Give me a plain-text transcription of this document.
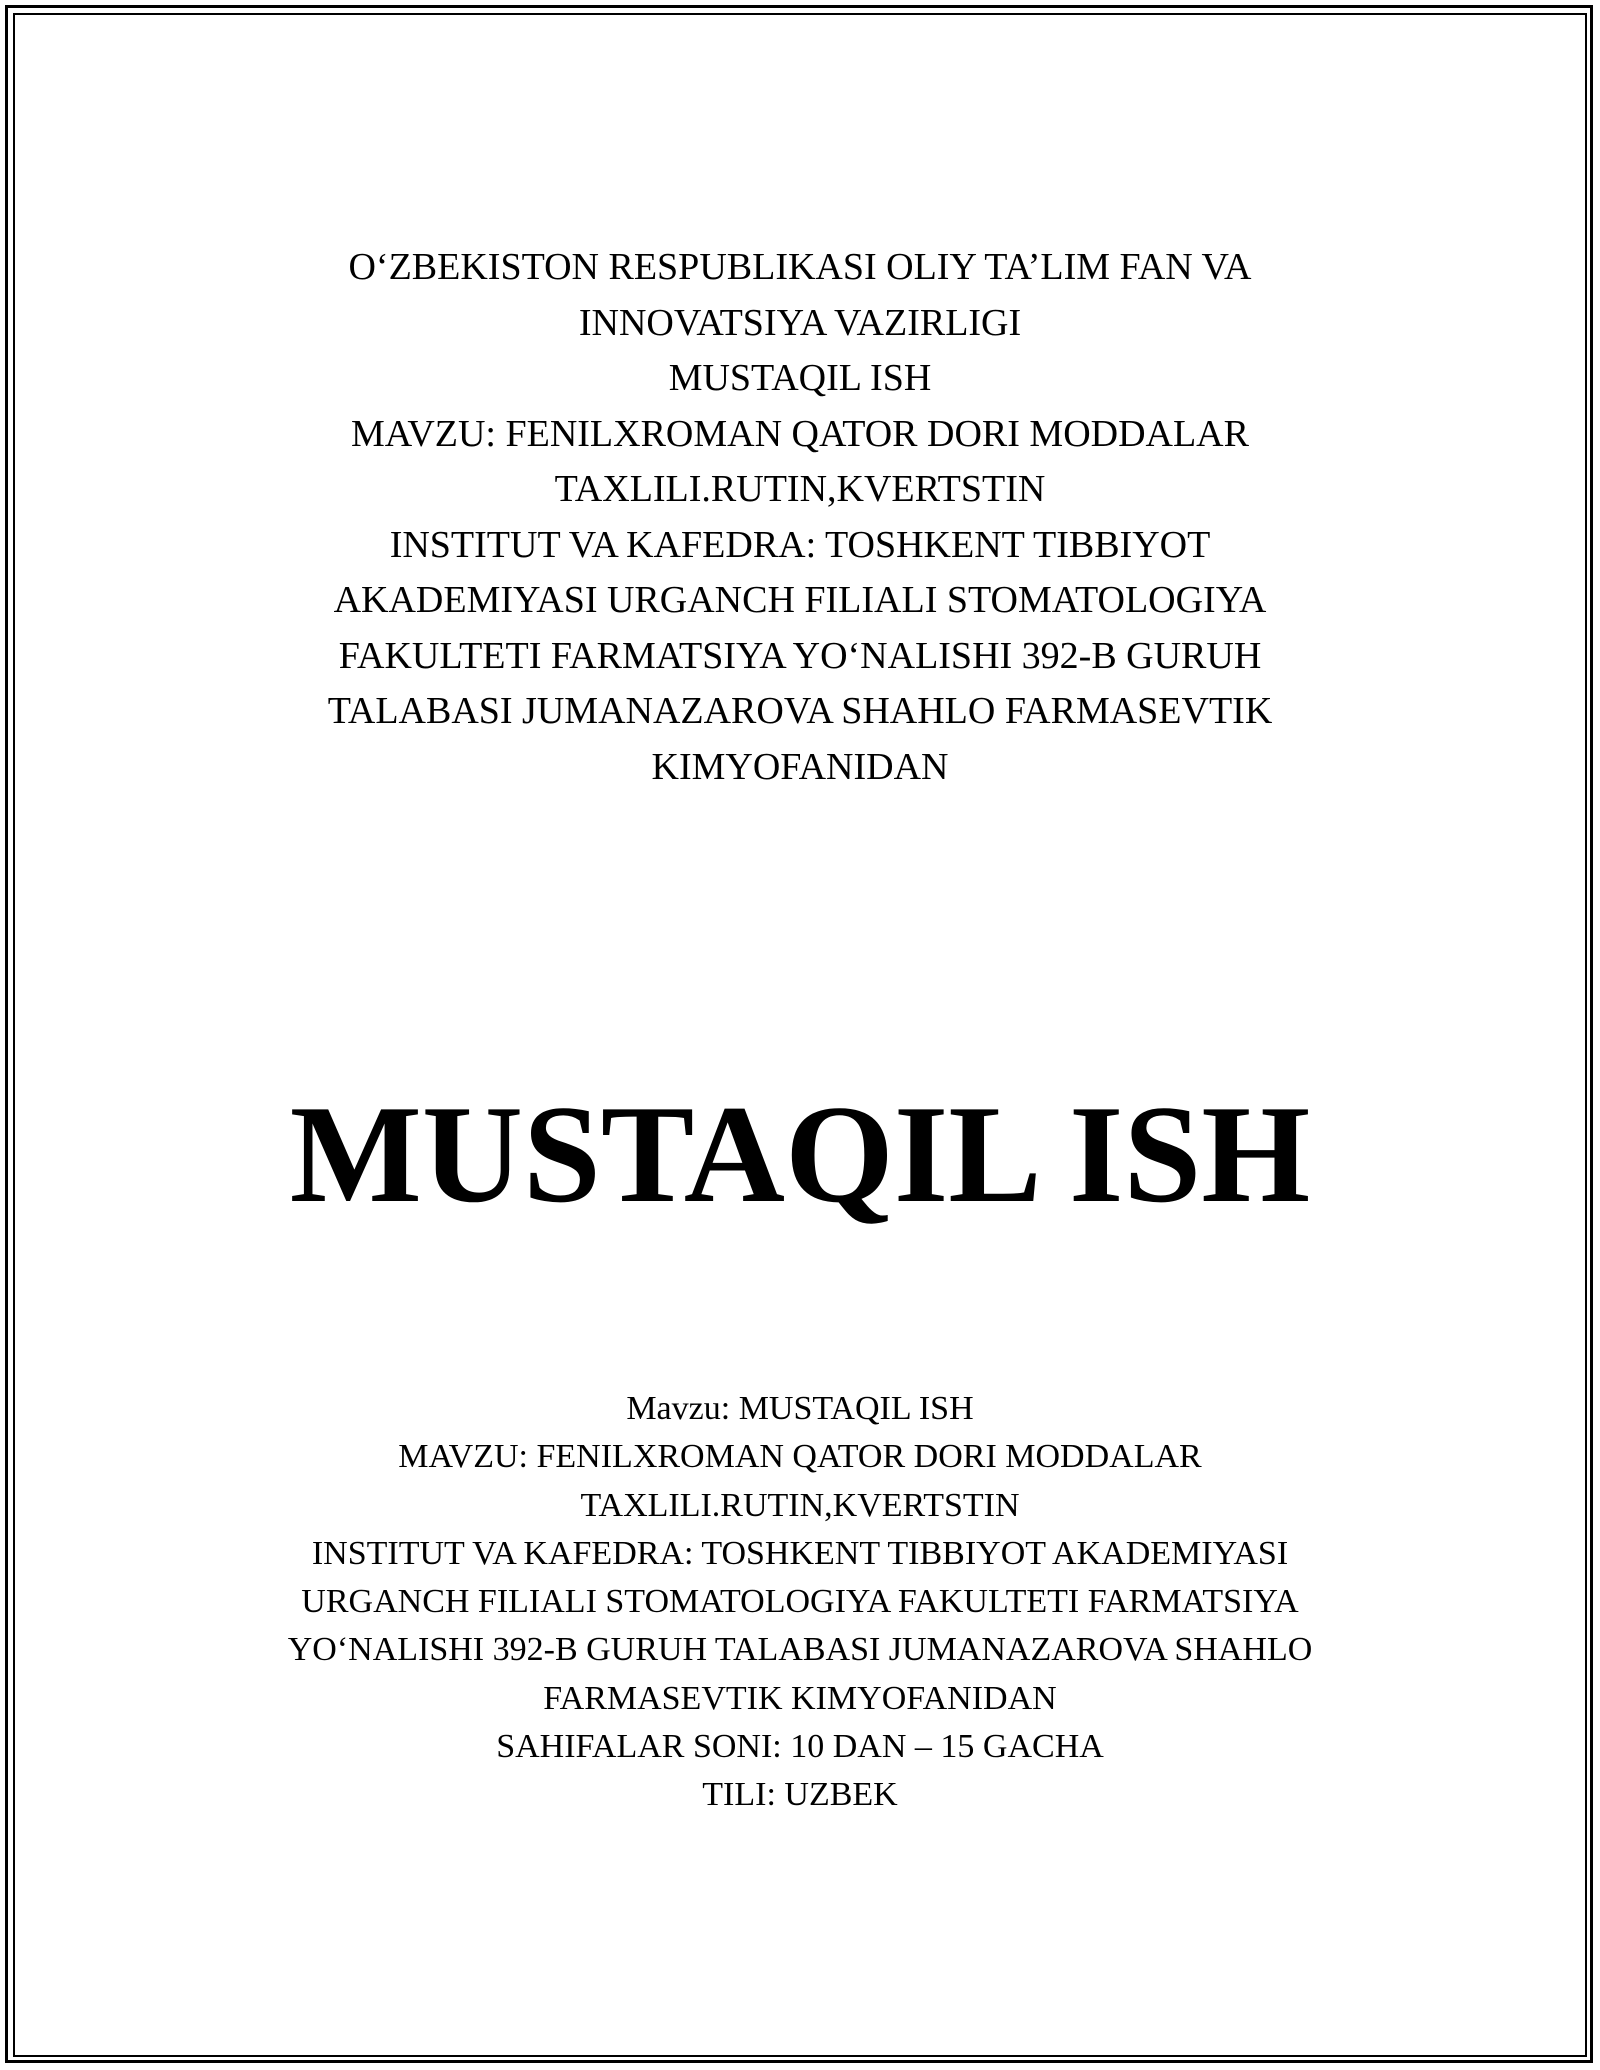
O‘ZBEKISTON RESPUBLIKASI OLIY TA’LIM FAN VA
INNOVATSIYA VAZIRLIGI
MUSTAQIL ISH
MAVZU: FENILXROMAN QATOR DORI MODDALAR
TAXLILI.RUTIN,KVERTSTIN
INSTITUT VA KAFEDRA: TOSHKENT TIBBIYOT
AKADEMIYASI URGANCH FILIALI STOMATOLOGIYA
FAKULTETI FARMATSIYA YO‘NALISHI 392-B GURUH
TALABASI JUMANAZAROVA SHAHLO FARMASEVTIK
KIMYOFANIDAN
MUSTAQIL ISH
Mavzu: MUSTAQIL ISH
MAVZU: FENILXROMAN QATOR DORI MODDALAR
TAXLILI.RUTIN,KVERTSTIN
INSTITUT VA KAFEDRA: TOSHKENT TIBBIYOT AKADEMIYASI
URGANCH FILIALI STOMATOLOGIYA FAKULTETI FARMATSIYA
YO‘NALISHI 392-B GURUH TALABASI JUMANAZAROVA SHAHLO
FARMASEVTIK KIMYOFANIDAN
SAHIFALAR SONI: 10 DAN – 15 GACHA
TILI: UZBEK
